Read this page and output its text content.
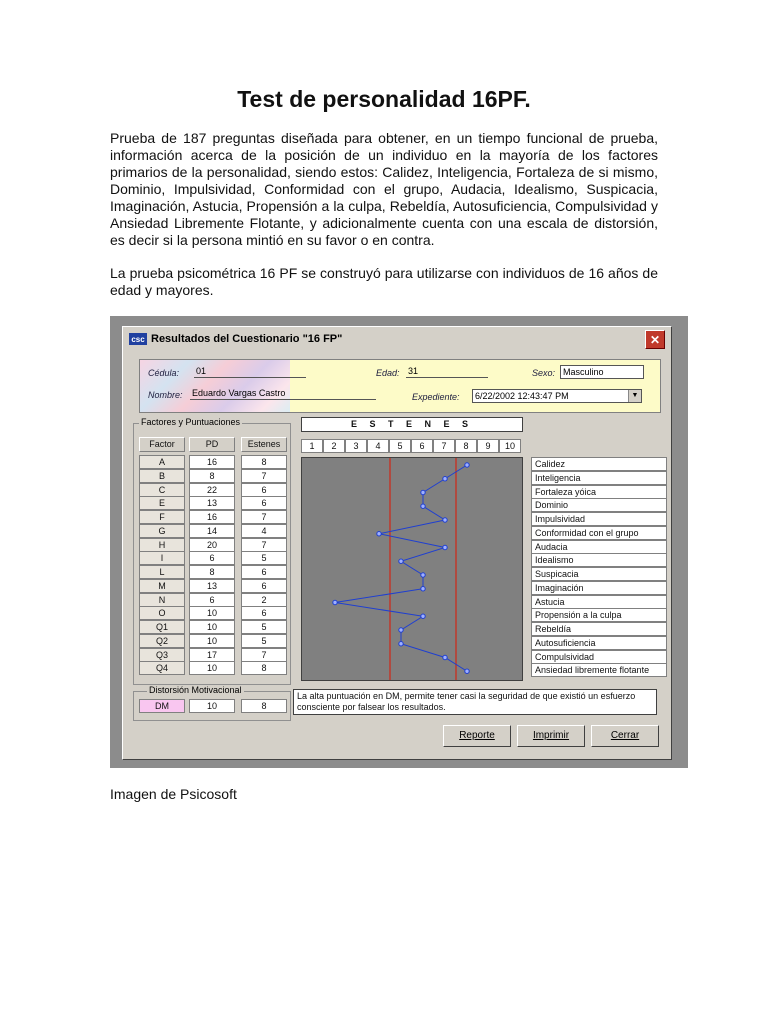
Test de personalidad 16PF.
Prueba de 187 preguntas diseñada para obtener, en un tiempo funcional de prueba, información acerca de la posición de un individuo en la mayoría de los factores primarios de la personalidad, siendo estos: Calidez, Inteligencia, Fortaleza de si mismo, Dominio, Impulsividad, Conformidad con el grupo, Audacia, Idealismo, Suspicacia, Imaginación, Astucia, Propensión a la culpa, Rebeldía, Autosuficiencia, Compulsividad y Ansiedad Libremente Flotante, y adicionalmente cuenta con una escala de distorsión, es decir si la persona mintió en su favor o en contra.
La prueba psicométrica 16 PF se construyó para utilizarse con individuos de 16 años de edad y mayores.
csc Resultados del Cuestionario "16 FP"	✕
Cédula: 01	Edad: 31	Sexo: Masculino
Nombre: Eduardo Vargas Castro	Expediente:	6/22/2002 12:43:47 PM	▼
Factores y Puntuaciones
Factor	PD	Estenes
A	16	8
B	8	7
C	22	6
E	13	6
F	16	7
G	14	4
H	20	7
I	6	5
L	8	6
M	13	6
N	6	2
O	10	6
Q1	10	5
Q2	10	5
Q3	17	7
Q4	10	8
Distorsión Motivacional
DM	10	8
E S T E N E S
1	2	3	4	5	6	7	8	9	10
Calidez
Inteligencia
Fortaleza yóica
Dominio
Impulsividad
Conformidad con el grupo
Audacia
Idealismo
Suspicacia
Imaginación
Astucia
Propensión a la culpa
Rebeldía
Autosuficiencia
Compulsividad
Ansiedad libremente flotante
La alta puntuación en DM, permite tener casi la seguridad de que existió un esfuerzo consciente por falsear los resultados.
Reporte	Imprimir	Cerrar
Imagen de Psicosoft
